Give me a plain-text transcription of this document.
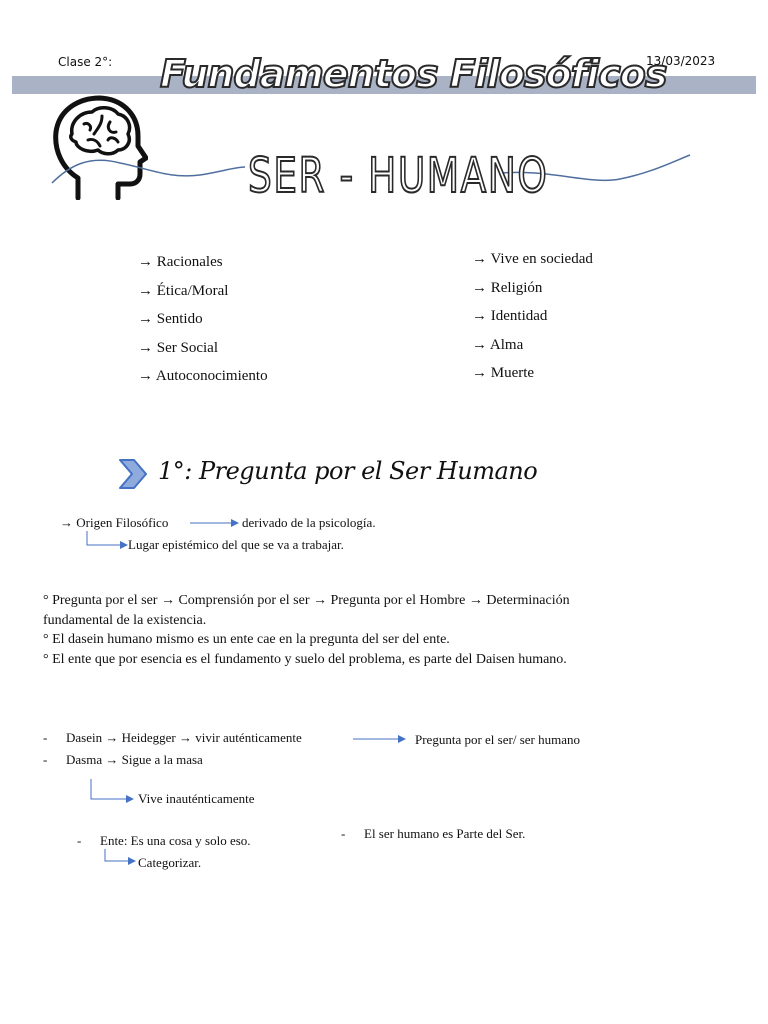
Clase 2°:	13/03/2023
Fundamentos Filosóficos
SER - HUMANO
→ Racionales
→ Ética/Moral
→ Sentido
→ Ser Social
→ Autoconocimiento
→ Vive en sociedad
→ Religión
→ Identidad
→ Alma
→ Muerte
1°: Pregunta por el Ser Humano
→ Origen Filosófico	derivado de la psicología.
Lugar epistémico del que se va a trabajar.
° Pregunta por el ser → Comprensión por el ser → Pregunta por el Hombre → Determinación
fundamental de la existencia.
° El dasein humano mismo es un ente cae en la pregunta del ser del ente.
° El ente que por esencia es el fundamento y suelo del problema, es parte del Daisen humano.
- Dasein → Heidegger → vivir auténticamente	Pregunta por el ser/ ser humano
- Dasma → Sigue a la masa
Vive inauténticamente
- Ente: Es una cosa y solo eso.
Categorizar.
- El ser humano es Parte del Ser.
